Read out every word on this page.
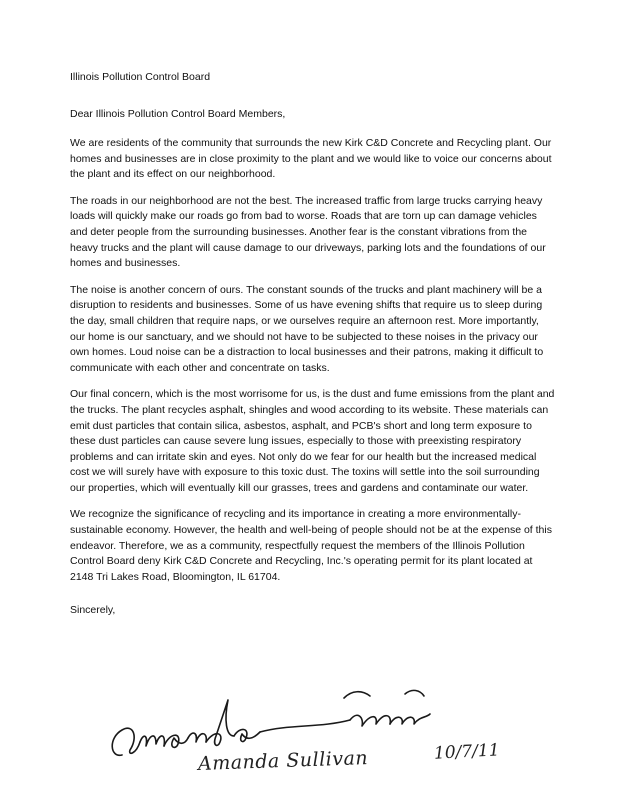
Illinois Pollution Control Board

Dear Illinois Pollution Control Board Members,

We are residents of the community that surrounds the new Kirk C&D Concrete and Recycling plant. Our homes and businesses are in close proximity to the plant and we would like to voice our concerns about the plant and its effect on our neighborhood.

The roads in our neighborhood are not the best. The increased traffic from large trucks carrying heavy loads will quickly make our roads go from bad to worse. Roads that are torn up can damage vehicles and deter people from the surrounding businesses. Another fear is the constant vibrations from the heavy trucks and the plant will cause damage to our driveways, parking lots and the foundations of our homes and businesses.

The noise is another concern of ours. The constant sounds of the trucks and plant machinery will be a disruption to residents and businesses. Some of us have evening shifts that require us to sleep during the day, small children that require naps, or we ourselves require an afternoon rest. More importantly, our home is our sanctuary, and we should not have to be subjected to these noises in the privacy our own homes. Loud noise can be a distraction to local businesses and their patrons, making it difficult to communicate with each other and concentrate on tasks.

Our final concern, which is the most worrisome for us, is the dust and fume emissions from the plant and the trucks. The plant recycles asphalt, shingles and wood according to its website. These materials can emit dust particles that contain silica, asbestos, asphalt, and PCB's short and long term exposure to these dust particles can cause severe lung issues, especially to those with preexisting respiratory problems and can irritate skin and eyes. Not only do we fear for our health but the increased medical cost we will surely have with exposure to this toxic dust. The toxins will settle into the soil surrounding our properties, which will eventually kill our grasses, trees and gardens and contaminate our water.

We recognize the significance of recycling and its importance in creating a more environmentally-sustainable economy. However, the health and well-being of people should not be at the expense of this endeavor. Therefore, we as a community, respectfully request the members of the Illinois Pollution Control Board deny Kirk C&D Concrete and Recycling, Inc.'s operating permit for its plant located at 2148 Tri Lakes Road, Bloomington, IL 61704.

Sincerely,

Amanda Sullivan	10/7/11
